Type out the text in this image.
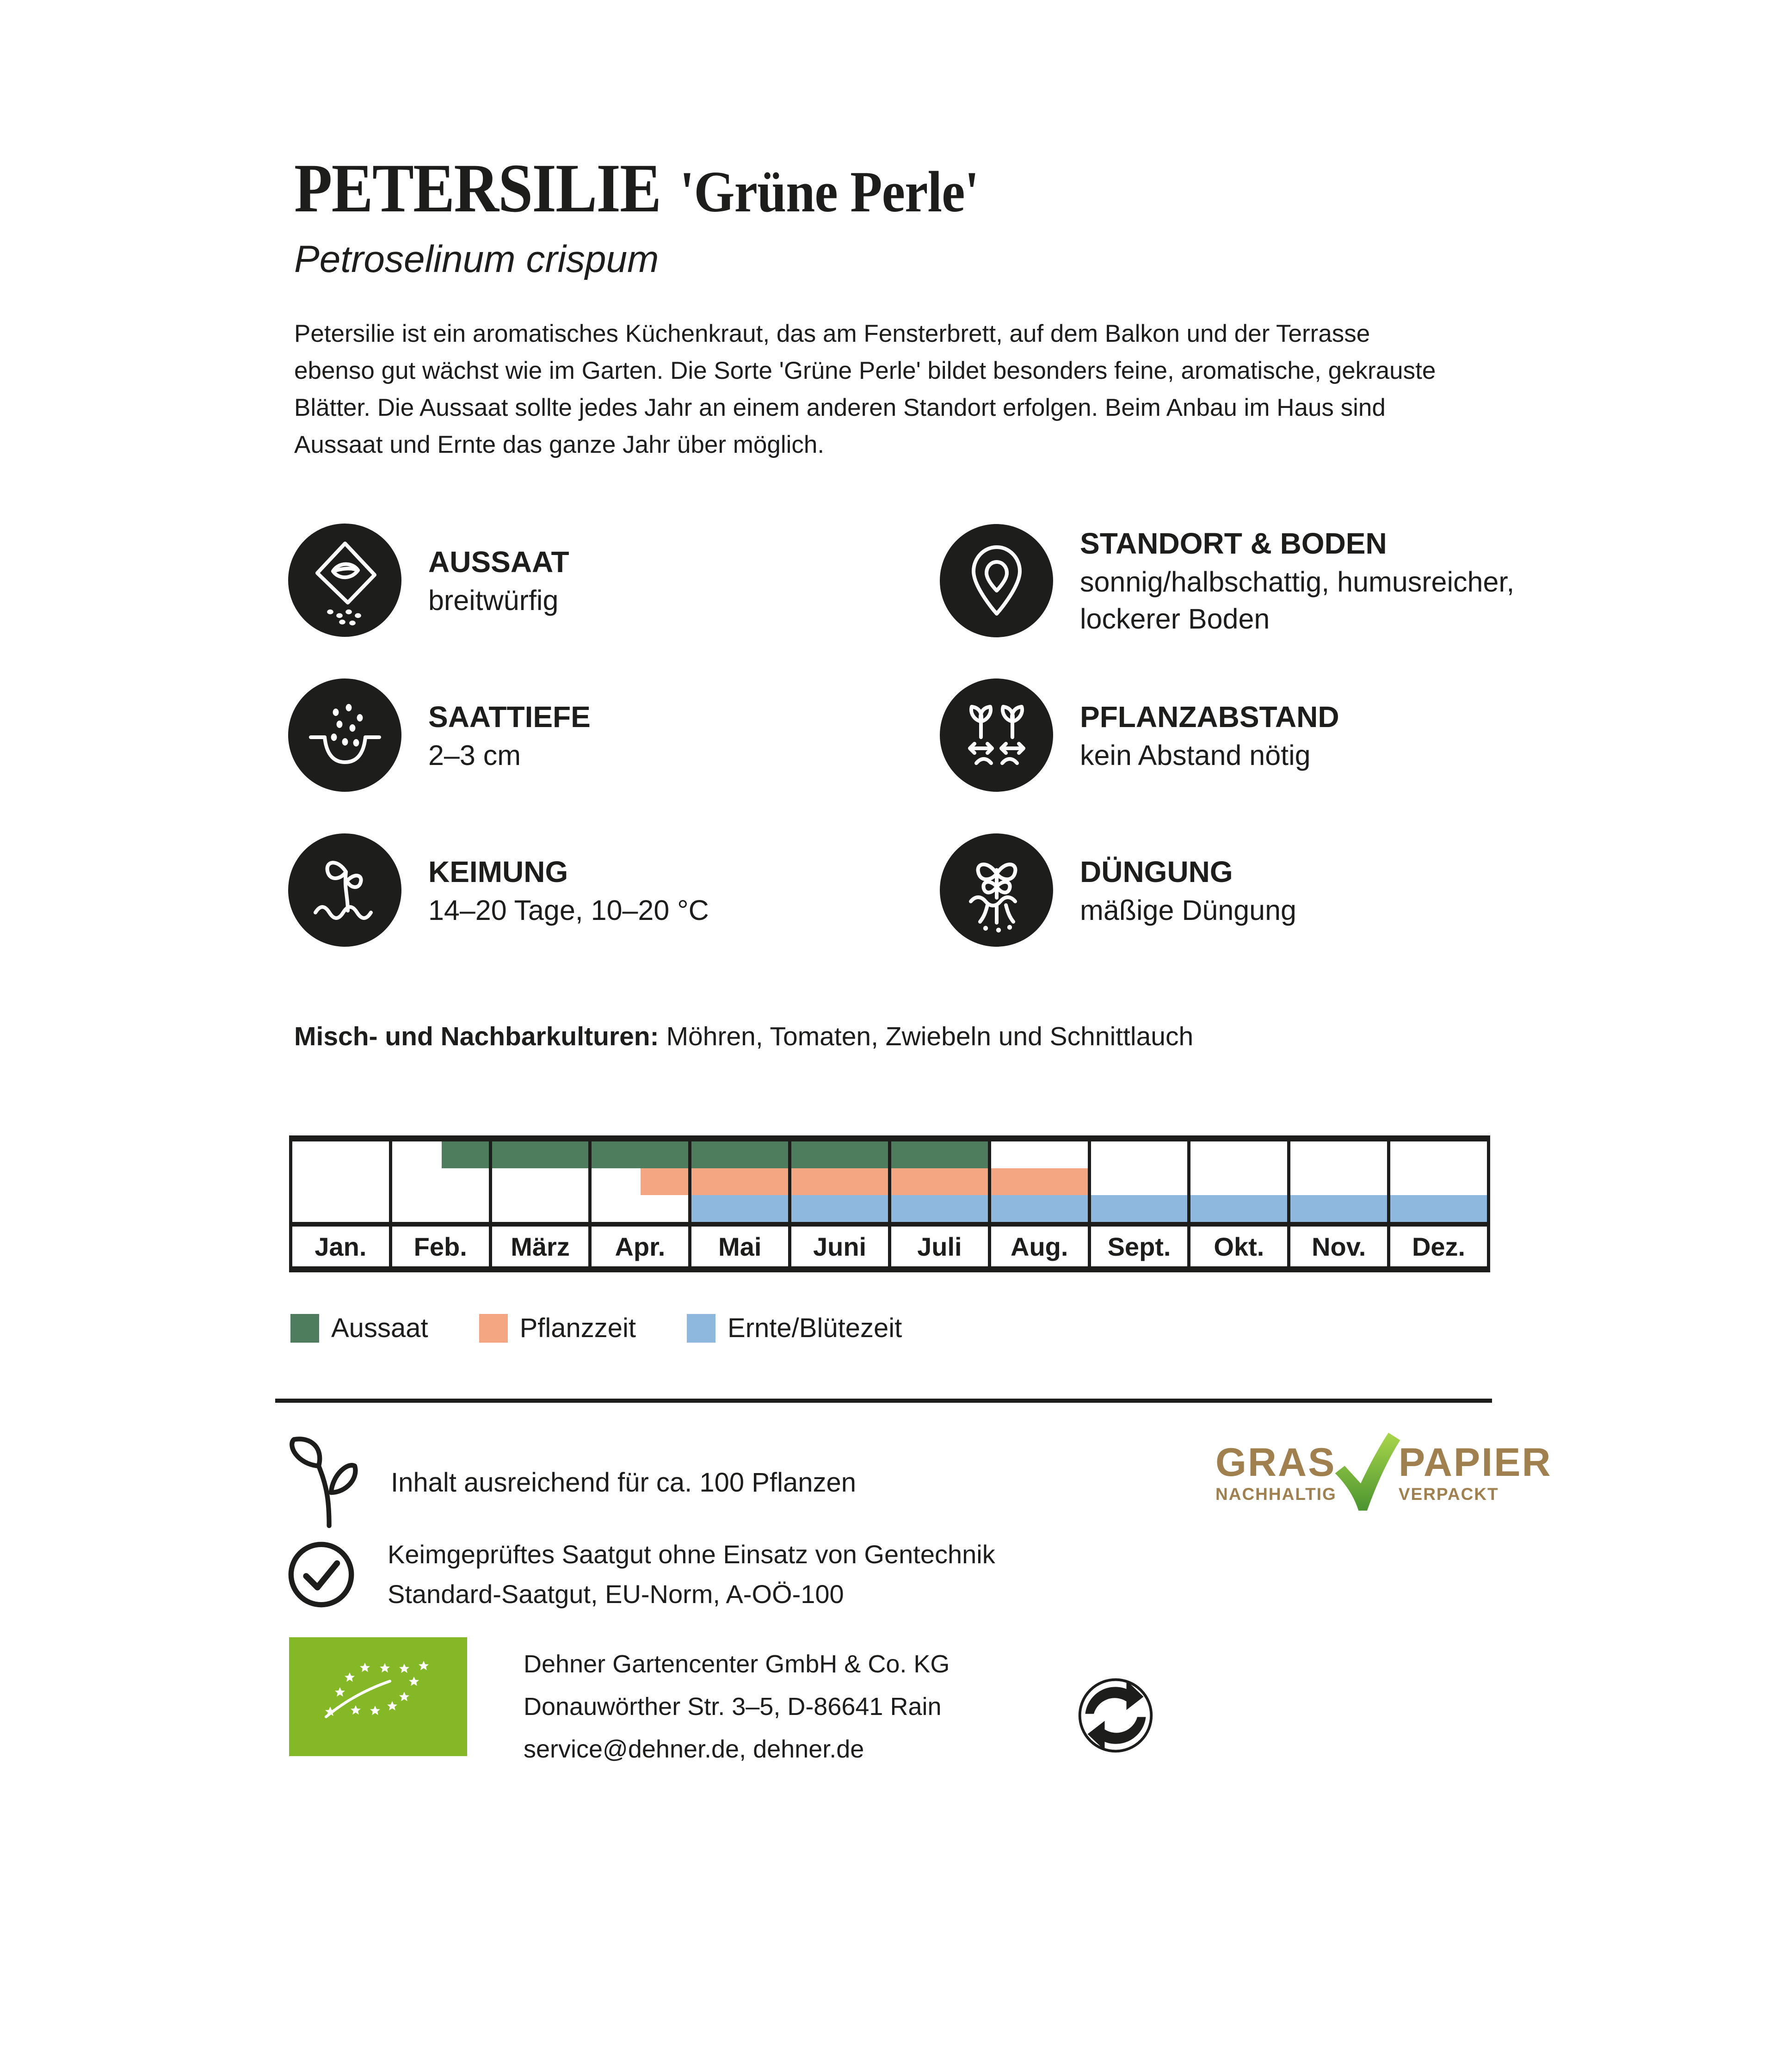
PETERSILIE 'Grüne Perle'
Petroselinum crispum
Petersilie ist ein aromatisches Küchenkraut, das am Fensterbrett, auf dem Balkon und der Terrasse ebenso gut wächst wie im Garten. Die Sorte 'Grüne Perle' bildet besonders feine, aromatische, gekrauste Blätter. Die Aussaat sollte jedes Jahr an einem anderen Standort erfolgen. Beim Anbau im Haus sind Aussaat und Ernte das ganze Jahr über möglich.
AUSSAAT
breitwürfig
STANDORT & BODEN
sonnig/halbschattig, humusreicher, lockerer Boden
SAATTIEFE
2–3 cm
PFLANZABSTAND
kein Abstand nötig
KEIMUNG
14–20 Tage, 10–20 °C
DÜNGUNG
mäßige Düngung
Misch- und Nachbarkulturen: Möhren, Tomaten, Zwiebeln und Schnittlauch
Jan.	Feb.	März	Apr.	Mai	Juni	Juli	Aug.	Sept.	Okt.	Nov.	Dez.
Aussaat	Pflanzzeit	Ernte/Blütezeit
Inhalt ausreichend für ca. 100 Pflanzen	GRAS
NACHHALTIG
PAPIER
VERPACKT
Keimgeprüftes Saatgut ohne Einsatz von Gentechnik
Standard-Saatgut, EU-Norm, A-OÖ-100
Dehner Gartencenter GmbH & Co. KG
Donauwörther Str. 3–5, D-86641 Rain
service@dehner.de, dehner.de
